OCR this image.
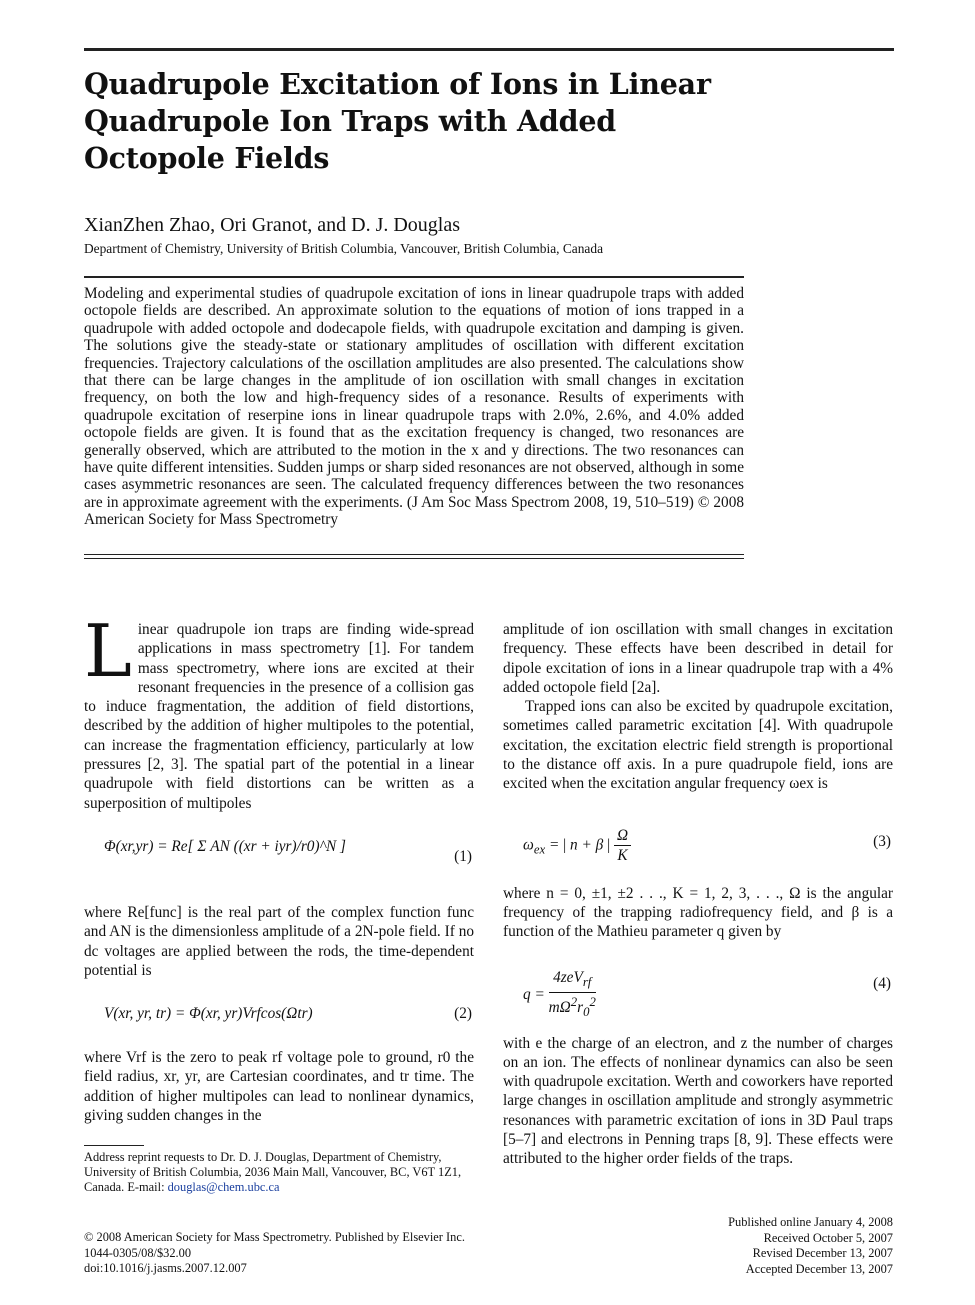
Quadrupole Excitation of Ions in Linear
Quadrupole Ion Traps with Added
Octopole Fields
XianZhen Zhao, Ori Granot, and D. J. Douglas
Department of Chemistry, University of British Columbia, Vancouver, British Columbia, Canada
Modeling and experimental studies of quadrupole excitation of ions in linear quadrupole traps with added octopole fields are described. An approximate solution to the equations of motion of ions trapped in a quadrupole with added octopole and dodecapole fields, with quadrupole excitation and damping is given. The solutions give the steady-state or stationary amplitudes of oscillation with different excitation frequencies. Trajectory calculations of the oscillation amplitudes are also presented. The calculations show that there can be large changes in the amplitude of ion oscillation with small changes in excitation frequency, on both the low and high-frequency sides of a resonance. Results of experiments with quadrupole excitation of reserpine ions in linear quadrupole traps with 2.0%, 2.6%, and 4.0% added octopole fields are given. It is found that as the excitation frequency is changed, two resonances are generally observed, which are attributed to the motion in the x and y directions. The two resonances can have quite different intensities. Sudden jumps or sharp sided resonances are not observed, although in some cases asymmetric resonances are seen. The calculated frequency differences between the two resonances are in approximate agreement with the experiments. (J Am Soc Mass Spectrom 2008, 19, 510–519) © 2008 American Society for Mass Spectrometry

Linear quadrupole ion traps are finding wide-spread applications in mass spectrometry [1]. For tandem mass spectrometry, where ions are excited at their resonant frequencies in the presence of a collision gas to induce fragmentation, the addition of field distortions, described by the addition of higher multipoles to the potential, can increase the fragmentation efficiency, particularly at low pressures [2, 3]. The spatial part of the potential in a linear quadrupole with field distortions can be written as a superposition of multipoles

Φ(xr,yr) = Re[ Σ AN ((xr + iyr)/r0)^N ]
(1)

where Re[func] is the real part of the complex function func and AN is the dimensionless amplitude of a 2N-pole field. If no dc voltages are applied between the rods, the time-dependent potential is

V(xr, yr, tr) = Φ(xr, yr)Vrfcos(Ωtr)	(2)

where Vrf is the zero to peak rf voltage pole to ground, r0 the field radius, xr, yr, are Cartesian coordinates, and tr time. The addition of higher multipoles can lead to nonlinear dynamics, giving sudden changes in the

Address reprint requests to Dr. D. J. Douglas, Department of Chemistry, University of British Columbia, 2036 Main Mall, Vancouver, BC, V6T 1Z1, Canada. E-mail: douglas@chem.ubc.ca

amplitude of ion oscillation with small changes in excitation frequency. These effects have been described in detail for dipole excitation of ions in a linear quadrupole trap with a 4% added octopole field [2a].

Trapped ions can also be excited by quadrupole excitation, sometimes called parametric excitation [4]. With quadrupole excitation, the excitation electric field strength is proportional to the distance off axis. In a pure quadrupole field, ions are excited when the excitation angular frequency ωex is

$\omega_{ex}$ = | n + β | $\frac{\Omega}{K}$	(3)

where n = 0, ±1, ±2 . . ., K = 1, 2, 3, . . ., Ω is the angular frequency of the trapping radiofrequency field, and β is a function of the Mathieu parameter q given by

$q = \frac{4zeV_{rf}}{m\Omega^2r_0^2}$	(4)

with e the charge of an electron, and z the number of charges on an ion. The effects of nonlinear dynamics can also be seen with quadrupole excitation. Werth and coworkers have reported large changes in oscillation amplitude and strongly asymmetric resonances with parametric excitation of ions in 3D Paul traps [5–7] and electrons in Penning traps [8, 9]. These effects were attributed to the higher order fields of the traps.

© 2008 American Society for Mass Spectrometry. Published by Elsevier Inc.
1044-0305/08/$32.00
doi:10.1016/j.jasms.2007.12.007
Published online January 4, 2008
Received October 5, 2007
Revised December 13, 2007
Accepted December 13, 2007
